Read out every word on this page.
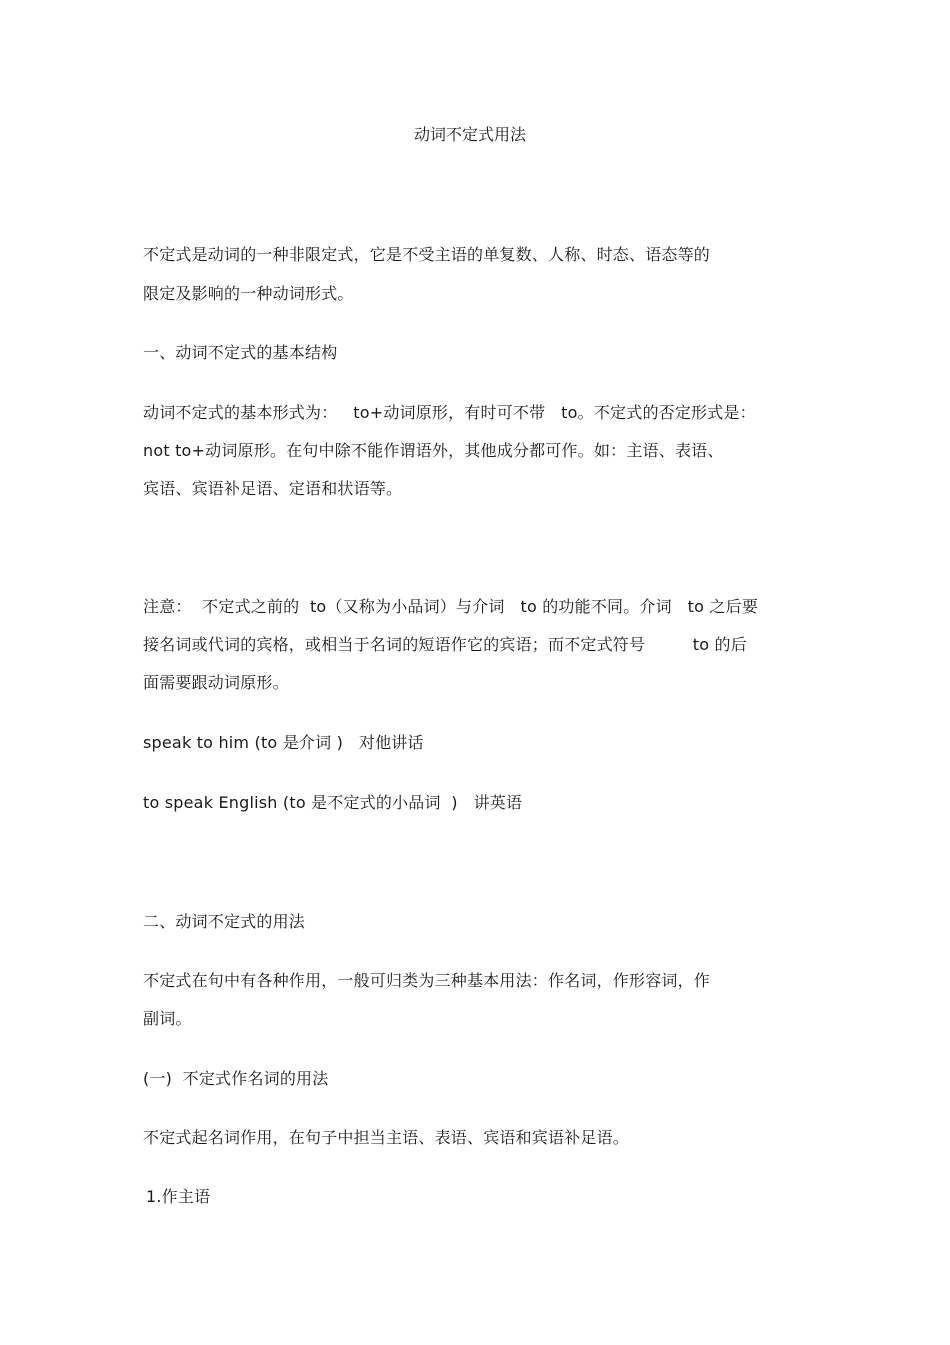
动词不定式用法
不定式是动词的一种非限定式，它是不受主语的单复数、人称、时态、语态等的
限定及影响的一种动词形式。
一、动词不定式的基本结构
动词不定式的基本形式为：   to+动词原形，有时可不带   to。不定式的否定形式是：
not to+动词原形。在句中除不能作谓语外，其他成分都可作。如：主语、表语、
宾语、宾语补足语、定语和状语等。
注意：  不定式之前的  to（又称为小品词）与介词   to 的功能不同。介词   to 之后要
接名词或代词的宾格，或相当于名词的短语作它的宾语；而不定式符号         to 的后
面需要跟动词原形。
speak to him (to 是介词 )   对他讲话
to speak English (to 是不定式的小品词  )   讲英语
二、动词不定式的用法
不定式在句中有各种作用，一般可归类为三种基本用法：作名词，作形容词，作
副词。
(一)  不定式作名词的用法
不定式起名词作用，在句子中担当主语、表语、宾语和宾语补足语。
1.作主语
